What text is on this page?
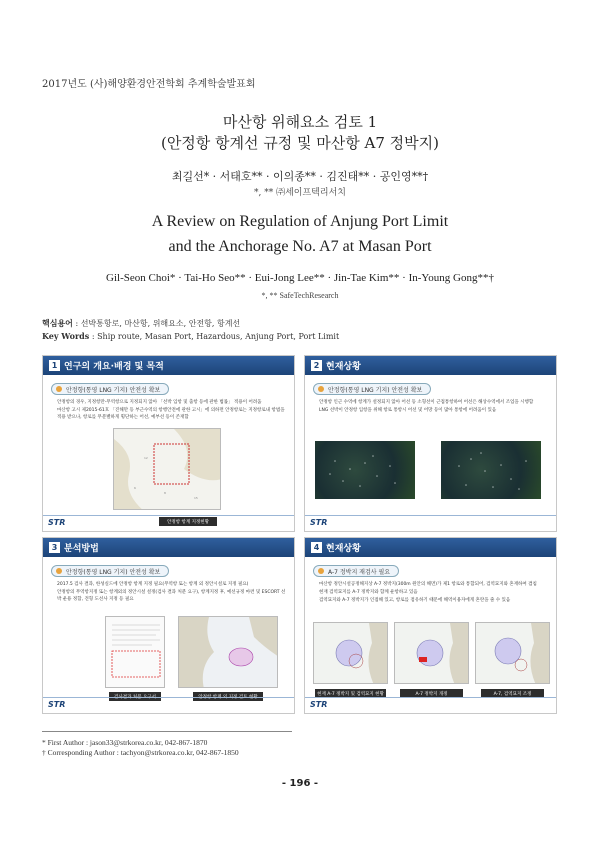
2017년도 (사)해양환경안전학회 추계학술발표회
마산항 위해요소 검토 1
(안정항 항계선 규정 및 마산항 A7 정박지)
최길선* · 서태호** · 이의종** · 김진태** · 공인영**†
*, ** ㈜세이프텍리서치
A Review on Regulation of Anjung Port Limit
and the Anchorage No. A7 at Masan Port
Gil-Seon Choi* · Tai-Ho Seo** · Eui-Jong Lee** · Jin-Tae Kim** · In-Young Gong**†
*, ** SafeTechResearch
핵심용어 : 선박통항로, 마산항, 위해요소, 안전항, 항계선
Key Words : Ship route, Masan Port, Hazardous, Anjung Port, Port Limit
1 연구의 개요·배경 및 목적
안정항(통영 LNG 기지) 안전성 확보
안정항의 경우, 지정항만-무역항으로 지정되지 않아 「선박 입항 및 출항 등에 관한 법률」 적용이 어려움
마산항 고시 제2015-61호 「진해만 등 부근수역의 항행안전에 관한 고시」에 의하면 안정항로는 지정항로내 항법을 적용 받으나, 항로를 무분별하게 횡단하는 어선, 예부선 등이 존재함
12
8
15
6
안정항 항계 지정현황
STR
2 현재상황
안정항(통영 LNG 기지) 안전성 확보
안정항 인근 수역에 항계가 설정되지 않아 어선 등 소형선이 근접통항하여 어선은 해상수역에서 조업을 시행함
LNG 선박이 안정항 입항을 위해 항로 통항시 어선 및 어망 등이 많아 통항에 어려움이 있음
STR
3 분석방법
안정항(통영 LNG 기지) 안전성 확보
2017.5 검사 결과, 한성실드에 안정항 항계 지정 필요(무역항 또는 항계 외 정안시설로 지정 필요)
안정항의 무역항지정 또는 항계외의 정안시설 설정(검사 결과 처분 요구), 항계지정 후, 예선규정 마련 및 ESCORT 선박 운용 정함, 견형 도선사 지정 등 필요
STR
4 현재상황
A-7 정박지 재검사 필요
마산항 정안시설공정해지상 A-7 정박지(300m 원안의 해면)가 제1 항로와 통합되어, 검역묘지와 혼재하여 겹침
현재 검역묘지를 A-7 정박지와 함께 운항하고 있음
검역묘지와 A-7 정박지가 인접해 있고, 항로를 점유하기 때문에 해역이용자에게 혼란을 줄 수 있음
현재 A-7 정박지 및 검역묘지 현황	A-7 정박지 개정	A-7, 검역묘지 조정
STR
* First Author : jason33@strkorea.co.kr, 042-867-1870
† Corresponding Author : tachyon@strkorea.co.kr, 042-867-1850
- 196 -
